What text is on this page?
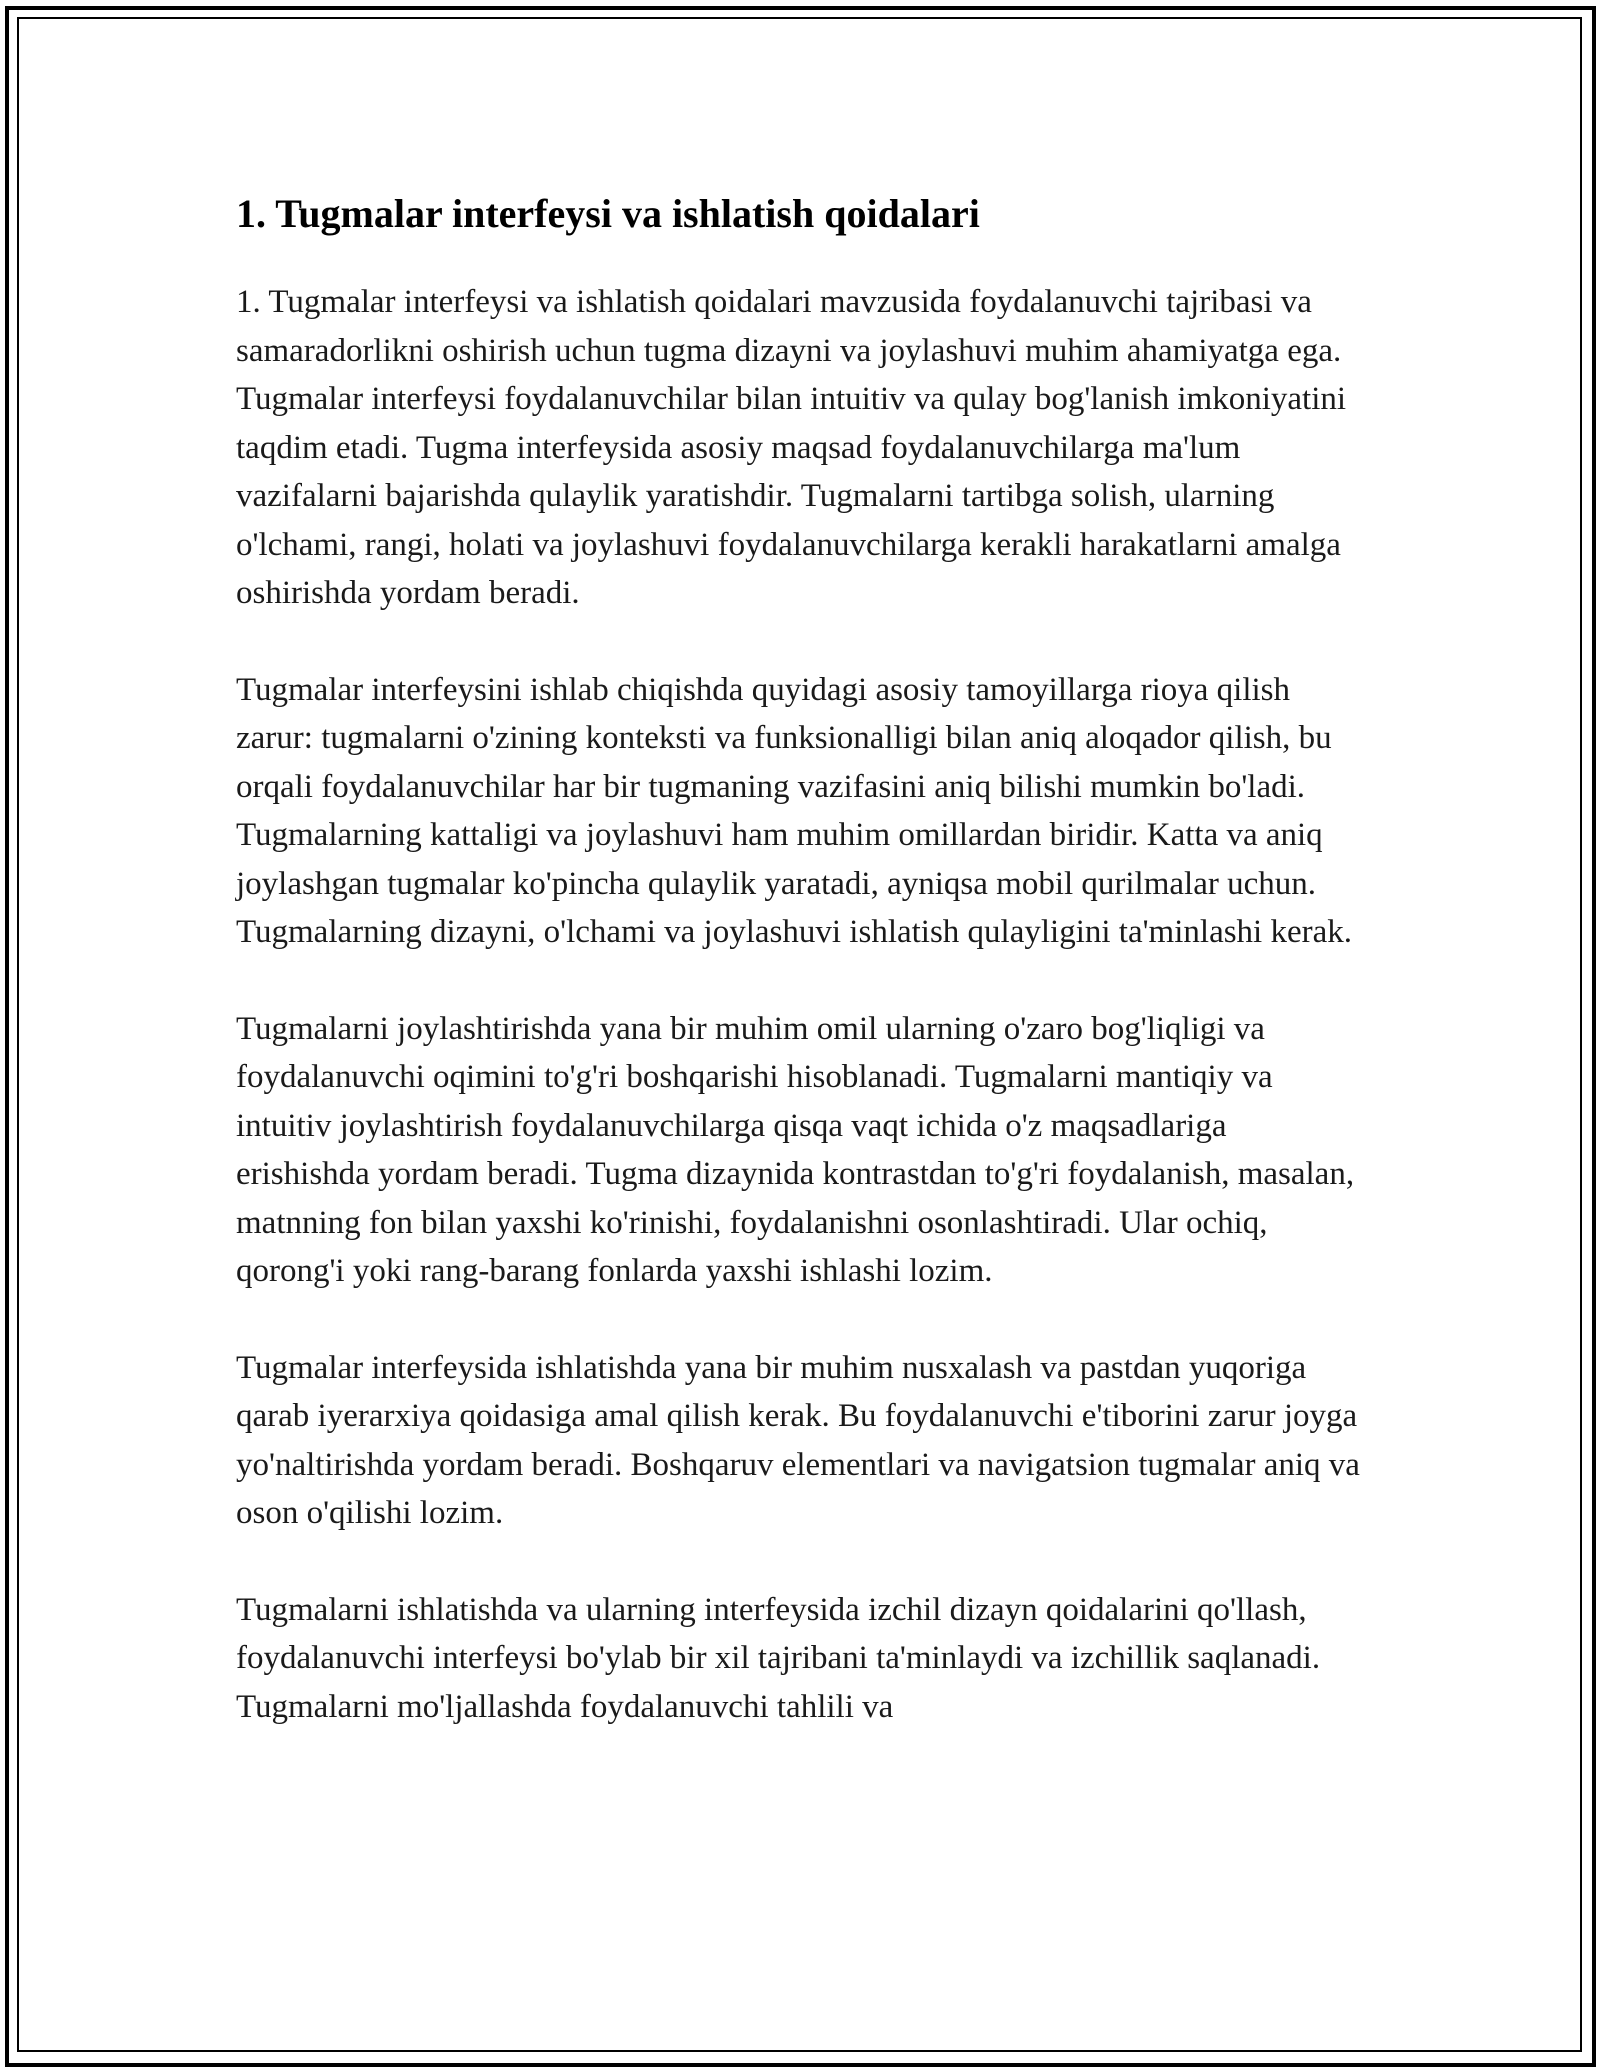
1. Tugmalar interfeysi va ishlatish qoidalari

1. Tugmalar interfeysi va ishlatish qoidalari mavzusida foydalanuvchi tajribasi va samaradorlikni oshirish uchun tugma dizayni va joylashuvi muhim ahamiyatga ega. Tugmalar interfeysi foydalanuvchilar bilan intuitiv va qulay bog'lanish imkoniyatini taqdim etadi. Tugma interfeysida asosiy maqsad foydalanuvchilarga ma'lum vazifalarni bajarishda qulaylik yaratishdir. Tugmalarni tartibga solish, ularning o'lchami, rangi, holati va joylashuvi foydalanuvchilarga kerakli harakatlarni amalga oshirishda yordam beradi.

Tugmalar interfeysini ishlab chiqishda quyidagi asosiy tamoyillarga rioya qilish zarur: tugmalarni o'zining konteksti va funksionalligi bilan aniq aloqador qilish, bu orqali foydalanuvchilar har bir tugmaning vazifasini aniq bilishi mumkin bo'ladi. Tugmalarning kattaligi va joylashuvi ham muhim omillardan biridir. Katta va aniq joylashgan tugmalar ko'pincha qulaylik yaratadi, ayniqsa mobil qurilmalar uchun. Tugmalarning dizayni, o'lchami va joylashuvi ishlatish qulayligini ta'minlashi kerak.

Tugmalarni joylashtirishda yana bir muhim omil ularning o'zaro bog'liqligi va foydalanuvchi oqimini to'g'ri boshqarishi hisoblanadi. Tugmalarni mantiqiy va intuitiv joylashtirish foydalanuvchilarga qisqa vaqt ichida o'z maqsadlariga erishishda yordam beradi. Tugma dizaynida kontrastdan to'g'ri foydalanish, masalan, matnning fon bilan yaxshi ko'rinishi, foydalanishni osonlashtiradi. Ular ochiq, qorong'i yoki rang-barang fonlarda yaxshi ishlashi lozim.

Tugmalar interfeysida ishlatishda yana bir muhim nusxalash va pastdan yuqoriga qarab iyerarxiya qoidasiga amal qilish kerak. Bu foydalanuvchi e'tiborini zarur joyga yo'naltirishda yordam beradi. Boshqaruv elementlari va navigatsion tugmalar aniq va oson o'qilishi lozim.

Tugmalarni ishlatishda va ularning interfeysida izchil dizayn qoidalarini qo'llash, foydalanuvchi interfeysi bo'ylab bir xil tajribani ta'minlaydi va izchillik saqlanadi. Tugmalarni mo'ljallashda foydalanuvchi tahlili va
